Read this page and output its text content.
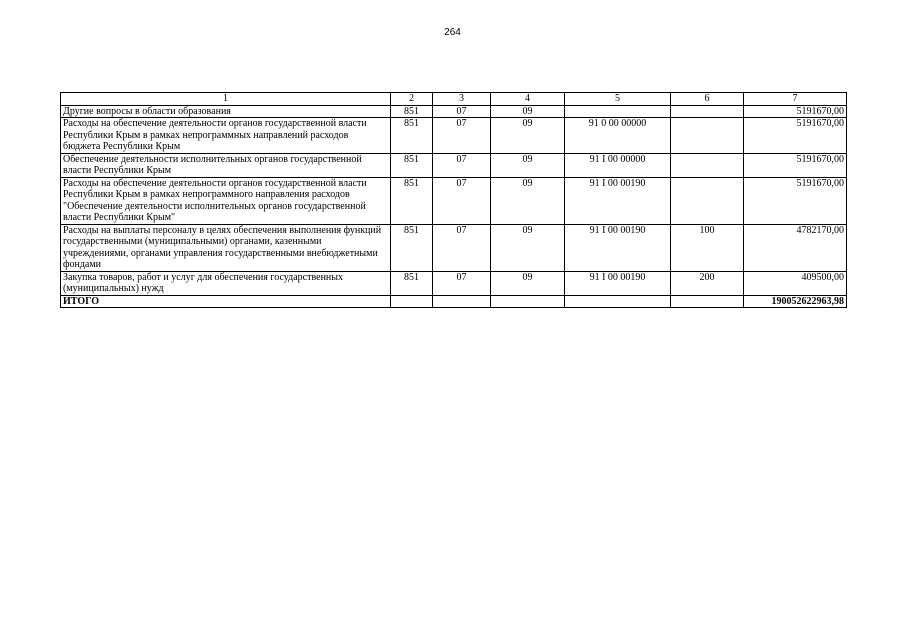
264
1	2	3	4	5	6	7
Другие вопросы в области образования	851	07	09			5191670,00
Расходы на обеспечение деятельности органов государственной власти Республики Крым в рамках непрограммных направлений расходов бюджета Республики Крым	851	07	09	91 0 00 00000		5191670,00
Обеспечение деятельности исполнительных органов государственной власти Республики Крым	851	07	09	91 I 00 00000		5191670,00
Расходы на обеспечение деятельности органов государственной власти Республики Крым в рамках непрограммного направления расходов "Обеспечение деятельности исполнительных органов государственной власти Республики Крым"	851	07	09	91 I 00 00190		5191670,00
Расходы на выплаты персоналу в целях обеспечения выполнения функций государственными (муниципальными) органами, казенными учреждениями, органами управления государственными внебюджетными фондами	851	07	09	91 I 00 00190	100	4782170,00
Закупка товаров, работ и услуг для обеспечения государственных (муниципальных) нужд	851	07	09	91 I 00 00190	200	409500,00
ИТОГО						190052622963,98
